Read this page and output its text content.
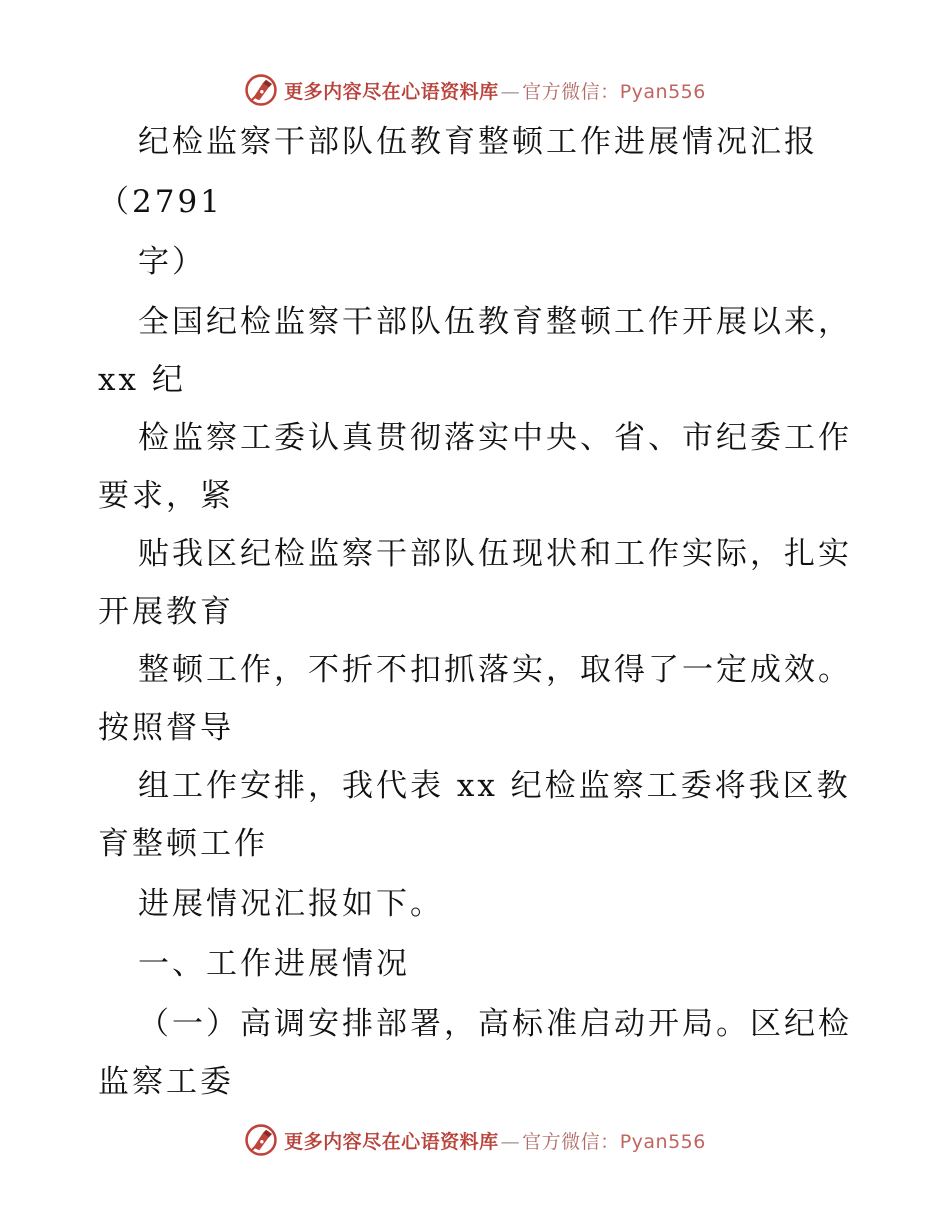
更多内容尽在心语资料库 — 官方微信：Pyan556
纪检监察干部队伍教育整顿工作进展情况汇报
（2791
字）
全国纪检监察干部队伍教育整顿工作开展以来，
xx 纪
检监察工委认真贯彻落实中央、省、市纪委工作
要求，紧
贴我区纪检监察干部队伍现状和工作实际，扎实
开展教育
整顿工作，不折不扣抓落实，取得了一定成效。
按照督导
组工作安排，我代表 xx 纪检监察工委将我区教
育整顿工作
进展情况汇报如下。
一、工作进展情况
（一）高调安排部署，高标准启动开局。区纪检
监察工委
更多内容尽在心语资料库 — 官方微信：Pyan556
